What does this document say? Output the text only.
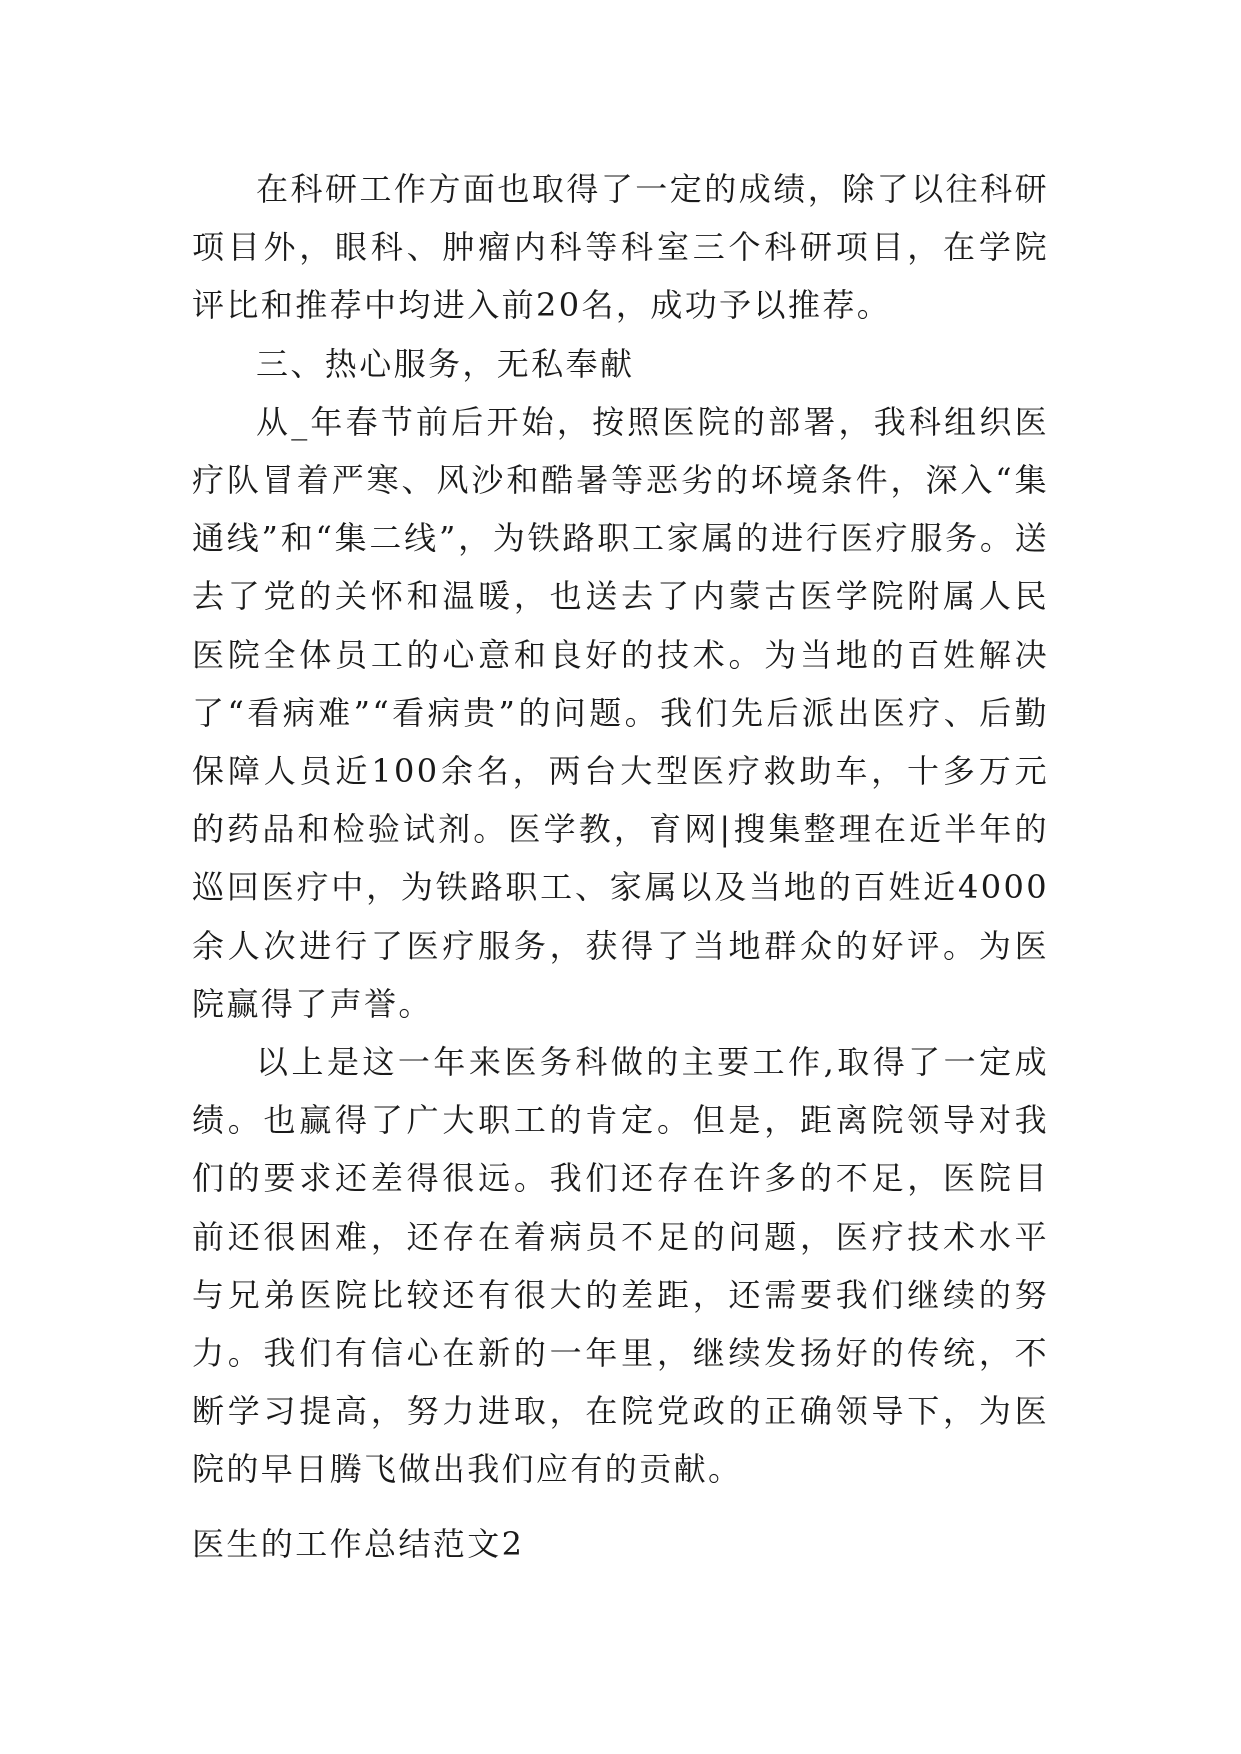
在科研工作方面也取得了一定的成绩，除了以往科研项目外，眼科、肿瘤内科等科室三个科研项目，在学院评比和推荐中均进入前20名，成功予以推荐。

三、热心服务，无私奉献

从_年春节前后开始，按照医院的部署，我科组织医疗队冒着严寒、风沙和酷暑等恶劣的坏境条件，深入“集通线”和“集二线”，为铁路职工家属的进行医疗服务。送去了党的关怀和温暖，也送去了内蒙古医学院附属人民医院全体员工的心意和良好的技术。为当地的百姓解决了“看病难”“看病贵”的问题。我们先后派出医疗、后勤保障人员近100余名，两台大型医疗救助车，十多万元的药品和检验试剂。医学教，育网|搜集整理在近半年的巡回医疗中，为铁路职工、家属以及当地的百姓近4000余人次进行了医疗服务，获得了当地群众的好评。为医院赢得了声誉。

以上是这一年来医务科做的主要工作,取得了一定成绩。也赢得了广大职工的肯定。但是，距离院领导对我们的要求还差得很远。我们还存在许多的不足，医院目前还很困难，还存在着病员不足的问题，医疗技术水平与兄弟医院比较还有很大的差距，还需要我们继续的努力。我们有信心在新的一年里，继续发扬好的传统，不断学习提高，努力进取，在院党政的正确领导下，为医院的早日腾飞做出我们应有的贡献。

医生的工作总结范文2
